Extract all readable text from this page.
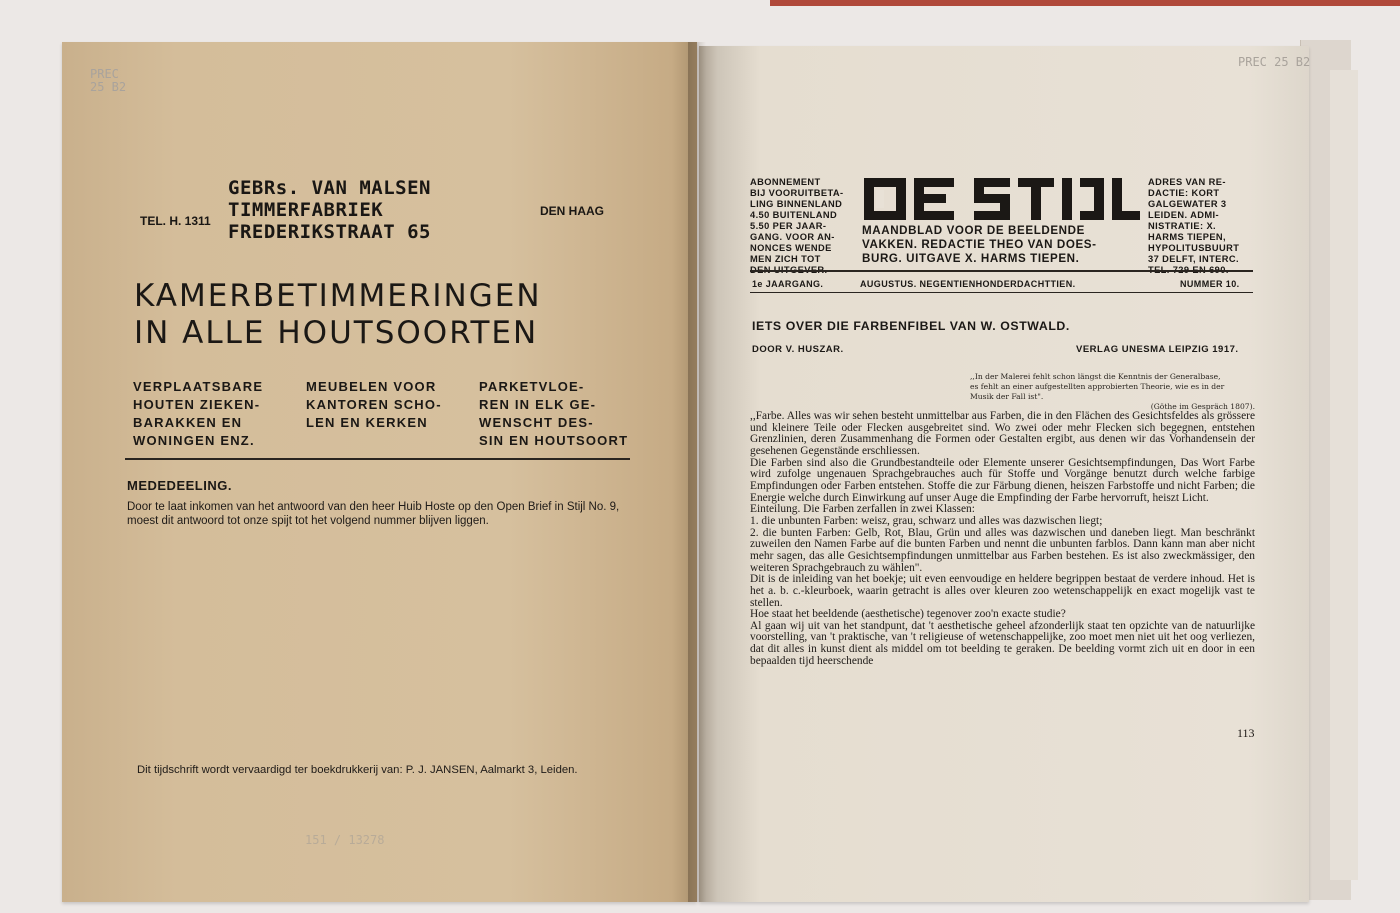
PREC
25 B2
TEL. H. 1311
GEBRs. VAN MALSEN
TIMMERFABRIEK
FREDERIKSTRAAT 65
DEN HAAG
KAMERBETIMMERINGEN
IN ALLE HOUTSOORTEN
VERPLAATSBARE
HOUTEN ZIEKEN-
BARAKKEN EN
WONINGEN ENZ.
MEUBELEN VOOR
KANTOREN SCHO-
LEN EN KERKEN
PARKETVLOE-
REN IN ELK GE-
WENSCHT DES-
SIN EN HOUTSOORT
MEDEDEELING.
Door te laat inkomen van het antwoord van den heer Huib Hoste op den Open Brief in Stijl No. 9, moest dit antwoord tot onze spijt tot het volgend nummer blijven liggen.
Dit tijdschrift wordt vervaardigd ter boekdrukkerij van: P. J. JANSEN, Aalmarkt 3, Leiden.
151 / 13278
PREC 25 B2
ABONNEMENT
BIJ VOORUITBETA-
LING BINNENLAND
4.50 BUITENLAND
5.50 PER JAAR-
GANG. VOOR AN-
NONCES WENDE
MEN ZICH TOT
MAANDBLAD VOOR DE BEELDENDE
VAKKEN. REDACTIE THEO VAN DOES-
BURG. UITGAVE X. HARMS TIEPEN.
ADRES VAN RE-
DACTIE: KORT
GALGEWATER 3
LEIDEN. ADMI-
NISTRATIE: X.
HARMS TIEPEN,
HYPOLITUSBUURT
37 DELFT, INTERC.
1e JAARGANG.	AUGUSTUS. NEGENTIENHONDERDACHTTIEN.	NUMMER 10.
IETS OVER DIE FARBENFIBEL VAN W. OSTWALD.
DOOR V. HUSZAR.	VERLAG UNESMA LEIPZIG 1917.
,,In der Malerei fehlt schon längst die Kenntnis der Generalbase,
es fehlt an einer aufgestellten approbierten Theorie, wie es in der
Musik der Fall ist".
(Göthe im Gespräch 1807).

,,Farbe. Alles was wir sehen besteht unmittelbar aus Farben, die in den Flächen des Gesichtsfeldes als grössere und kleinere Teile oder Flecken ausgebreitet sind. Wo zwei oder mehr Flecken sich begegnen, entstehen Grenzlinien, deren Zusammenhang die Formen oder Gestalten ergibt, aus denen wir das Vorhandensein der gesehenen Gegenstände erschliessen.

Die Farben sind also die Grundbestandteile oder Elemente unserer Gesichtsempfindungen, Das Wort Farbe wird zufolge ungenauen Sprachgebrauches auch für Stoffe und Vorgänge benutzt durch welche farbige Empfindungen oder Farben entstehen. Stoffe die zur Färbung dienen, heiszen Farbstoffe und nicht Farben; die Energie welche durch Einwirkung auf unser Auge die Empfinding der Farbe hervorruft, heiszt Licht.

Einteilung. Die Farben zerfallen in zwei Klassen:

1. die unbunten Farben: weisz, grau, schwarz und alles was dazwischen liegt;

2. die bunten Farben: Gelb, Rot, Blau, Grün und alles was dazwischen und daneben liegt. Man beschränkt zuweilen den Namen Farbe auf die bunten Farben und nennt die unbunten farblos. Dann kann man aber nicht mehr sagen, das alle Gesichtsempfindungen unmittelbar aus Farben bestehen. Es ist also zweckmässiger, den weiteren Sprachgebrauch zu wählen".

Dit is de inleiding van het boekje; uit even eenvoudige en heldere begrippen bestaat de verdere inhoud. Het is het a. b. c.-kleurboek, waarin getracht is alles over kleuren zoo wetenschappelijk en exact mogelijk vast te stellen.

Hoe staat het beeldende (aesthetische) tegenover zoo'n exacte studie?

Al gaan wij uit van het standpunt, dat 't aesthetische geheel afzonderlijk staat ten opzichte van de natuurlijke voorstelling, van 't praktische, van 't religieuse of wetenschappelijke, zoo moet men niet uit het oog verliezen, dat dit alles in kunst dient als middel om tot beelding te geraken. De beelding vormt zich uit en door in een bepaalden tijd heerschende

113
